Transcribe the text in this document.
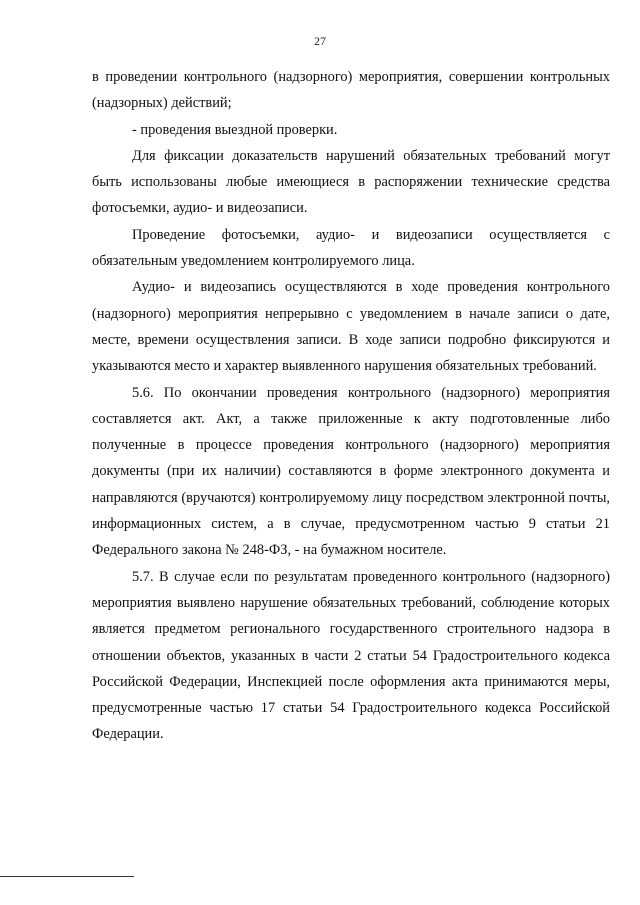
27

в проведении контрольного (надзорного) мероприятия, совершении контрольных (надзорных) действий;

- проведения выездной проверки.

Для фиксации доказательств нарушений обязательных требований могут быть использованы любые имеющиеся в распоряжении технические средства фотосъемки, аудио- и видеозаписи.

Проведение фотосъемки, аудио- и видеозаписи осуществляется с обязательным уведомлением контролируемого лица.

Аудио- и видеозапись осуществляются в ходе проведения контрольного (надзорного) мероприятия непрерывно с уведомлением в начале записи о дате, месте, времени осуществления записи. В ходе записи подробно фиксируются и указываются место и характер выявленного нарушения обязательных требований.

5.6. По окончании проведения контрольного (надзорного) мероприятия составляется акт. Акт, а также приложенные к акту подготовленные либо полученные в процессе проведения контрольного (надзорного) мероприятия документы (при их наличии) составляются в форме электронного документа и направляются (вручаются) контролируемому лицу посредством электронной почты, информационных систем, а в случае, предусмотренном частью 9 статьи 21 Федерального закона № 248-ФЗ, - на бумажном носителе.

5.7. В случае если по результатам проведенного контрольного (надзорного) мероприятия выявлено нарушение обязательных требований, соблюдение которых является предметом регионального государственного строительного надзора в отношении объектов, указанных в части 2 статьи 54 Градостроительного кодекса Российской Федерации, Инспекцией после оформления акта принимаются меры, предусмотренные частью 17 статьи 54 Градостроительного кодекса Российской Федерации.
